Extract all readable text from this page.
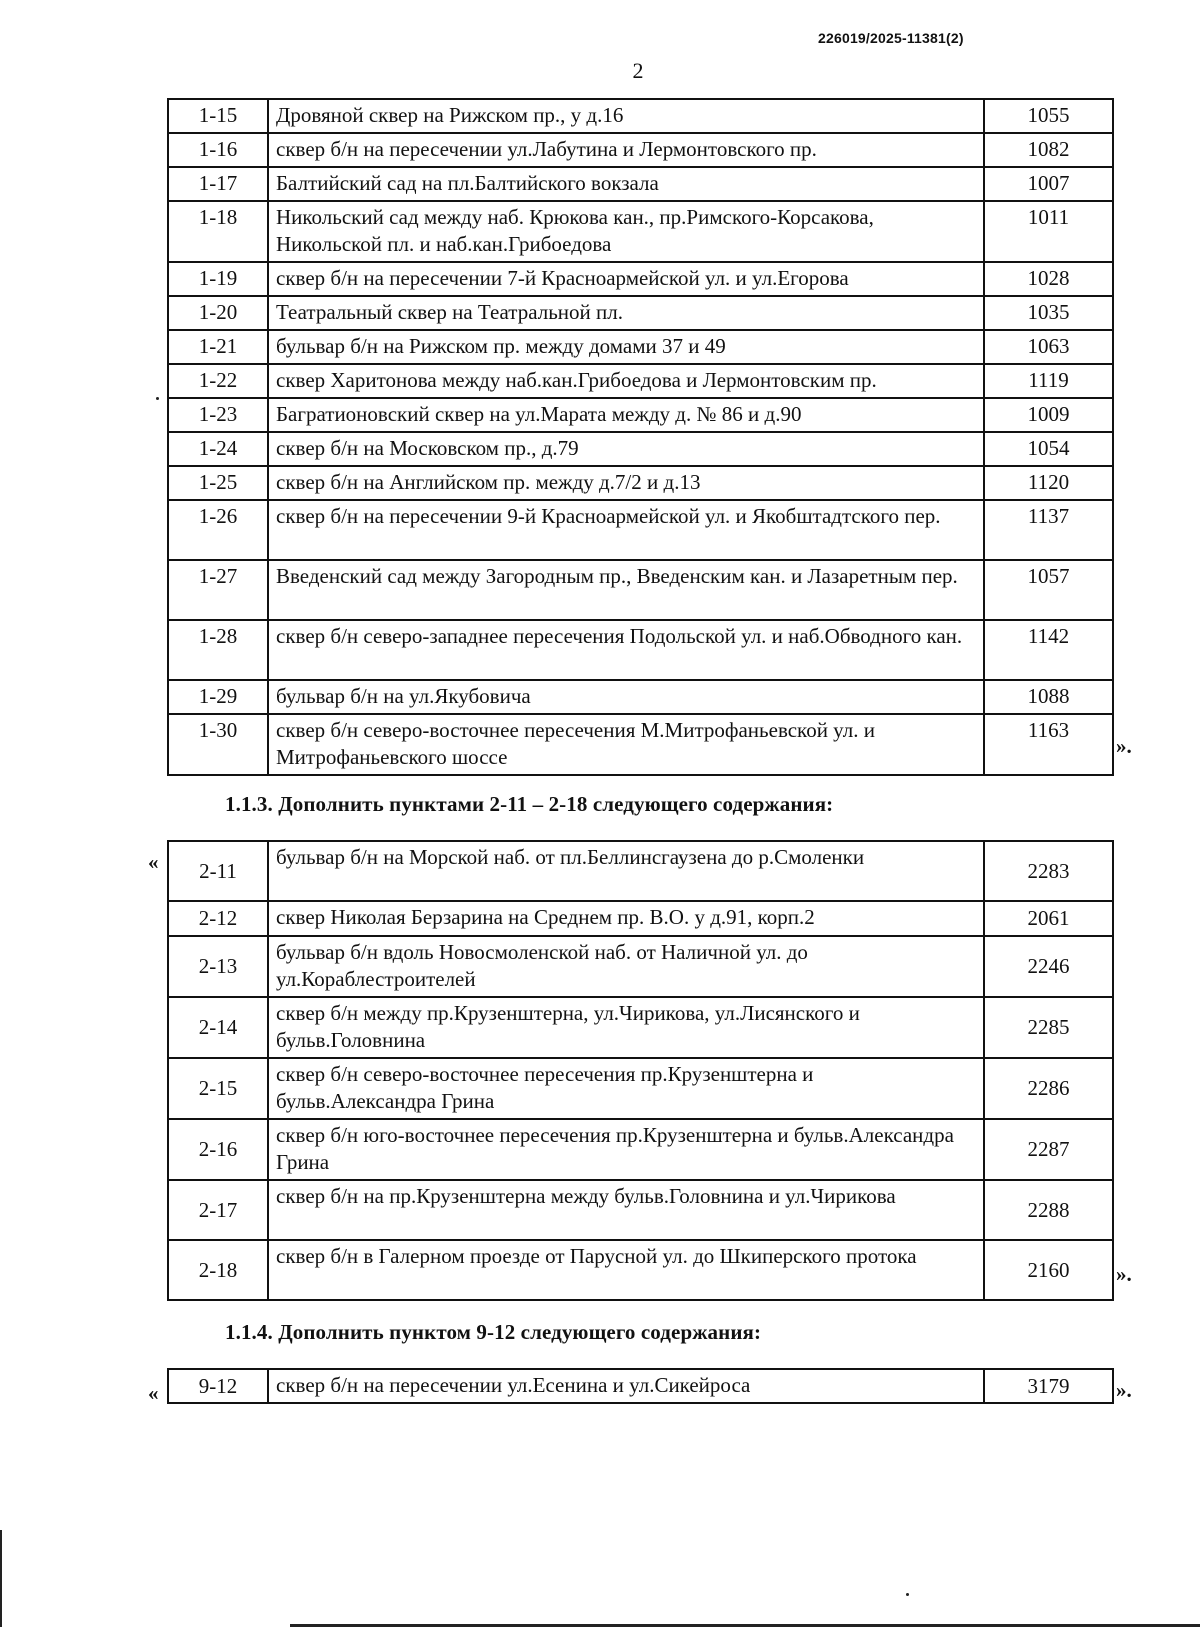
226019/2025-11381(2)
2
1-15	Дровяной сквер на Рижском пр., у д.16	1055
1-16	сквер б/н на пересечении ул.Лабутина и Лермонтовского пр.	1082
1-17	Балтийский сад на пл.Балтийского вокзала	1007
1-18	Никольский сад между наб. Крюкова кан., пр.Римского-Корсакова, Никольской пл. и наб.кан.Грибоедова	1011
1-19	сквер б/н на пересечении 7-й Красноармейской ул. и ул.Егорова	1028
1-20	Театральный сквер на Театральной пл.	1035
1-21	бульвар б/н на Рижском пр. между домами 37 и 49	1063
1-22	сквер Харитонова между наб.кан.Грибоедова и Лермонтовским пр.	1119
1-23	Багратионовский сквер на ул.Марата между д. № 86 и д.90	1009
1-24	сквер б/н на Московском пр., д.79	1054
1-25	сквер б/н на Английском пр. между д.7/2 и д.13	1120
1-26	сквер б/н на пересечении 9-й Красноармейской ул. и Якобштадтского пер.	1137
1-27	Введенский сад между Загородным пр., Введенским кан. и Лазаретным пер.	1057
1-28	сквер б/н северо-западнее пересечения Подольской ул. и наб.Обводного кан.	1142
1-29	бульвар б/н на ул.Якубовича	1088
1-30	сквер б/н северо-восточнее пересечения М.Митрофаньевской ул. и Митрофаньевского шоссе	1163
».
1.1.3. Дополнить пунктами 2-11 – 2-18 следующего содержания:
« 2-11	бульвар б/н на Морской наб. от пл.Беллинсгаузена до р.Смоленки	2283
2-12	сквер Николая Берзарина на Среднем пр. В.О. у д.91, корп.2	2061
2-13	бульвар б/н вдоль Новосмоленской наб. от Наличной ул. до ул.Кораблестроителей	2246
2-14	сквер б/н между пр.Крузенштерна, ул.Чирикова, ул.Лисянского и бульв.Головнина	2285
2-15	сквер б/н северо-восточнее пересечения пр.Крузенштерна и бульв.Александра Грина	2286
2-16	сквер б/н юго-восточнее пересечения пр.Крузенштерна и бульв.Александра Грина	2287
2-17	сквер б/н на пр.Крузенштерна между бульв.Головнина и ул.Чирикова	2288
2-18	сквер б/н в Галерном проезде от Парусной ул. до Шкиперского протока	2160 ».
1.1.4. Дополнить пунктом 9-12 следующего содержания:
« 9-12	сквер б/н на пересечении ул.Есенина и ул.Сикейроса	3179 ».
